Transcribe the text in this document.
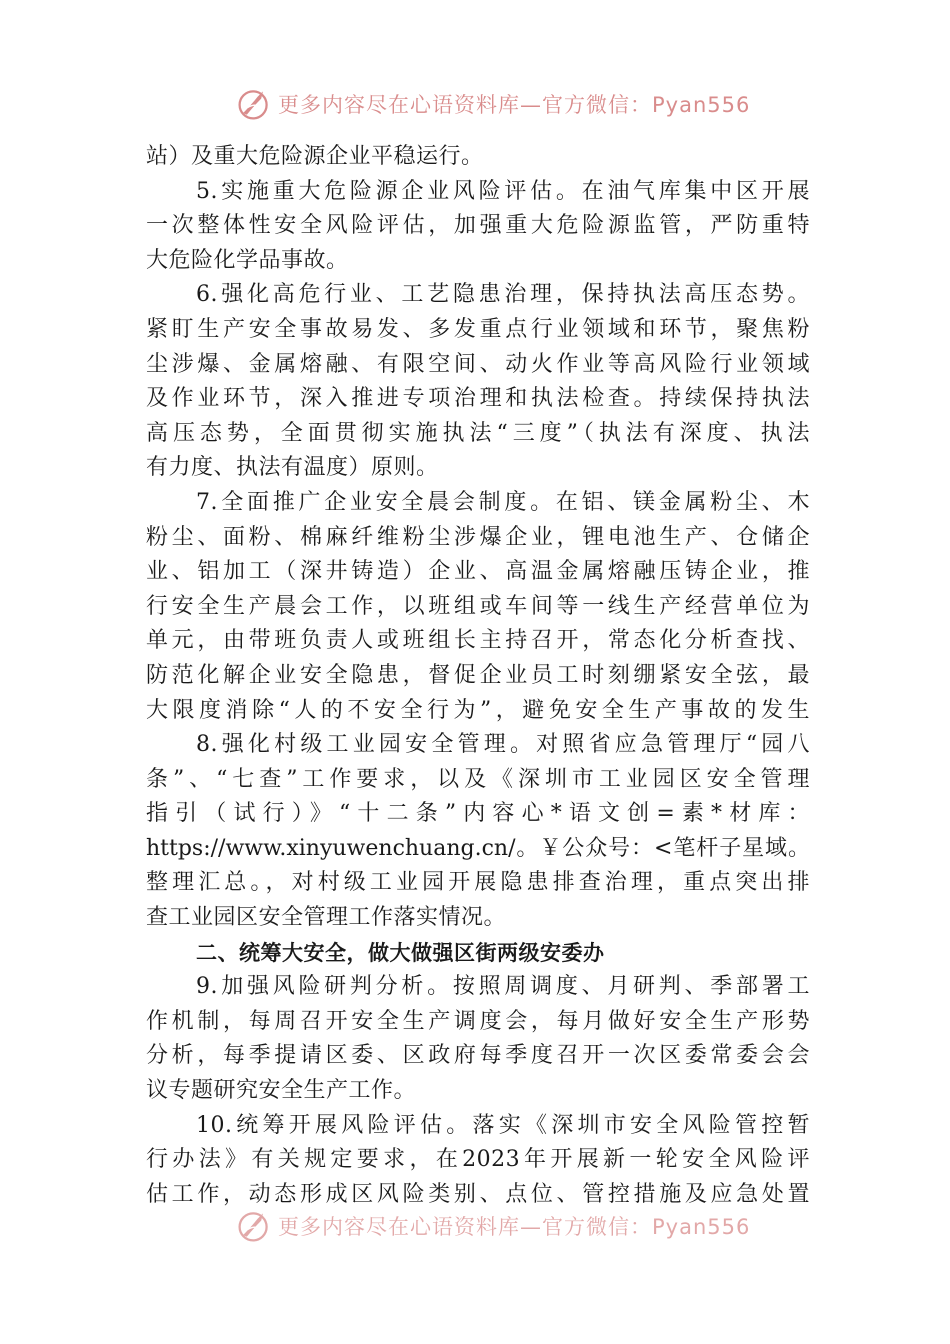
更多内容尽在心语资料库—官方微信：Pyan556
站）及重大危险源企业平稳运行。
5.实施重大危险源企业风险评估。在油气库集中区开展
一次整体性安全风险评估，加强重大危险源监管，严防重特
大危险化学品事故。
6.强化高危行业、工艺隐患治理，保持执法高压态势。
紧盯生产安全事故易发、多发重点行业领域和环节，聚焦粉
尘涉爆、金属熔融、有限空间、动火作业等高风险行业领域
及作业环节，深入推进专项治理和执法检查。持续保持执法
高压态势，全面贯彻实施执法“三度”（执法有深度、执法
有力度、执法有温度）原则。
7.全面推广企业安全晨会制度。在铝、镁金属粉尘、木
粉尘、面粉、棉麻纤维粉尘涉爆企业，锂电池生产、仓储企
业、铝加工（深井铸造）企业、高温金属熔融压铸企业，推
行安全生产晨会工作，以班组或车间等一线生产经营单位为
单元，由带班负责人或班组长主持召开，常态化分析查找、
防范化解企业安全隐患，督促企业员工时刻绷紧安全弦，最
大限度消除“人的不安全行为”，避免安全生产事故的发生
8.强化村级工业园安全管理。对照省应急管理厅“园八
条”、“七查”工作要求，以及《深圳市工业园区安全管理
指引（试行）》“十二条”内容心*语文创=素*材库：
https://www.xinyuwenchuang.cn/。￥公众号：<笔杆子星域。
整理汇总。，对村级工业园开展隐患排查治理，重点突出排
查工业园区安全管理工作落实情况。
二、统筹大安全，做大做强区街两级安委办
9.加强风险研判分析。按照周调度、月研判、季部署工
作机制，每周召开安全生产调度会，每月做好安全生产形势
分析，每季提请区委、区政府每季度召开一次区委常委会会
议专题研究安全生产工作。
10.统筹开展风险评估。落实《深圳市安全风险管控暂
行办法》有关规定要求，在2023年开展新一轮安全风险评
估工作，动态形成区风险类别、点位、管控措施及应急处置
更多内容尽在心语资料库—官方微信：Pyan556
